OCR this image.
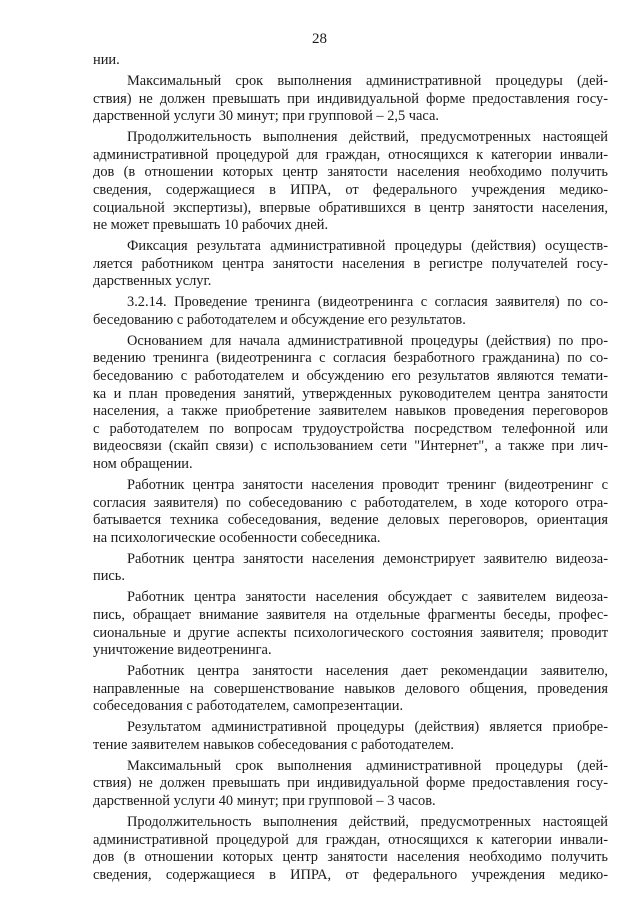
28
нии.
Максимальный срок выполнения административной процедуры (дей-
ствия) не должен превышать при индивидуальной форме предоставления госу-
дарственной услуги 30 минут; при групповой – 2,5 часа.
Продолжительность выполнения действий, предусмотренных настоящей
административной процедурой для граждан, относящихся к категории инвали-
дов (в отношении которых центр занятости населения необходимо получить
сведения, содержащиеся в ИПРА, от федерального учреждения медико-
социальной экспертизы), впервые обратившихся в центр занятости населения,
не может превышать 10 рабочих дней.
Фиксация результата административной процедуры (действия) осуществ-
ляется работником центра занятости населения в регистре получателей госу-
дарственных услуг.
3.2.14. Проведение тренинга (видеотренинга с согласия заявителя) по со-
беседованию с работодателем и обсуждение его результатов.
Основанием для начала административной процедуры (действия) по про-
ведению тренинга (видеотренинга с согласия безработного гражданина) по со-
беседованию с работодателем и обсуждению его результатов являются темати-
ка и план проведения занятий, утвержденных руководителем центра занятости
населения, а также приобретение заявителем навыков проведения переговоров
с работодателем по вопросам трудоустройства посредством телефонной или
видеосвязи (скайп связи) с использованием сети "Интернет", а также при лич-
ном обращении.
Работник центра занятости населения проводит тренинг (видеотренинг с
согласия заявителя) по собеседованию с работодателем, в ходе которого отра-
батывается техника собеседования, ведение деловых переговоров, ориентация
на психологические особенности собеседника.
Работник центра занятости населения демонстрирует заявителю видеоза-
пись.
Работник центра занятости населения обсуждает с заявителем видеоза-
пись, обращает внимание заявителя на отдельные фрагменты беседы, профес-
сиональные и другие аспекты психологического состояния заявителя; проводит
уничтожение видеотренинга.
Работник центра занятости населения дает рекомендации заявителю,
направленные на совершенствование навыков делового общения, проведения
собеседования с работодателем, самопрезентации.
Результатом административной процедуры (действия) является приобре-
тение заявителем навыков собеседования с работодателем.
Максимальный срок выполнения административной процедуры (дей-
ствия) не должен превышать при индивидуальной форме предоставления госу-
дарственной услуги 40 минут; при групповой – 3 часов.
Продолжительность выполнения действий, предусмотренных настоящей
административной процедурой для граждан, относящихся к категории инвали-
дов (в отношении которых центр занятости населения необходимо получить
сведения, содержащиеся в ИПРА, от федерального учреждения медико-
